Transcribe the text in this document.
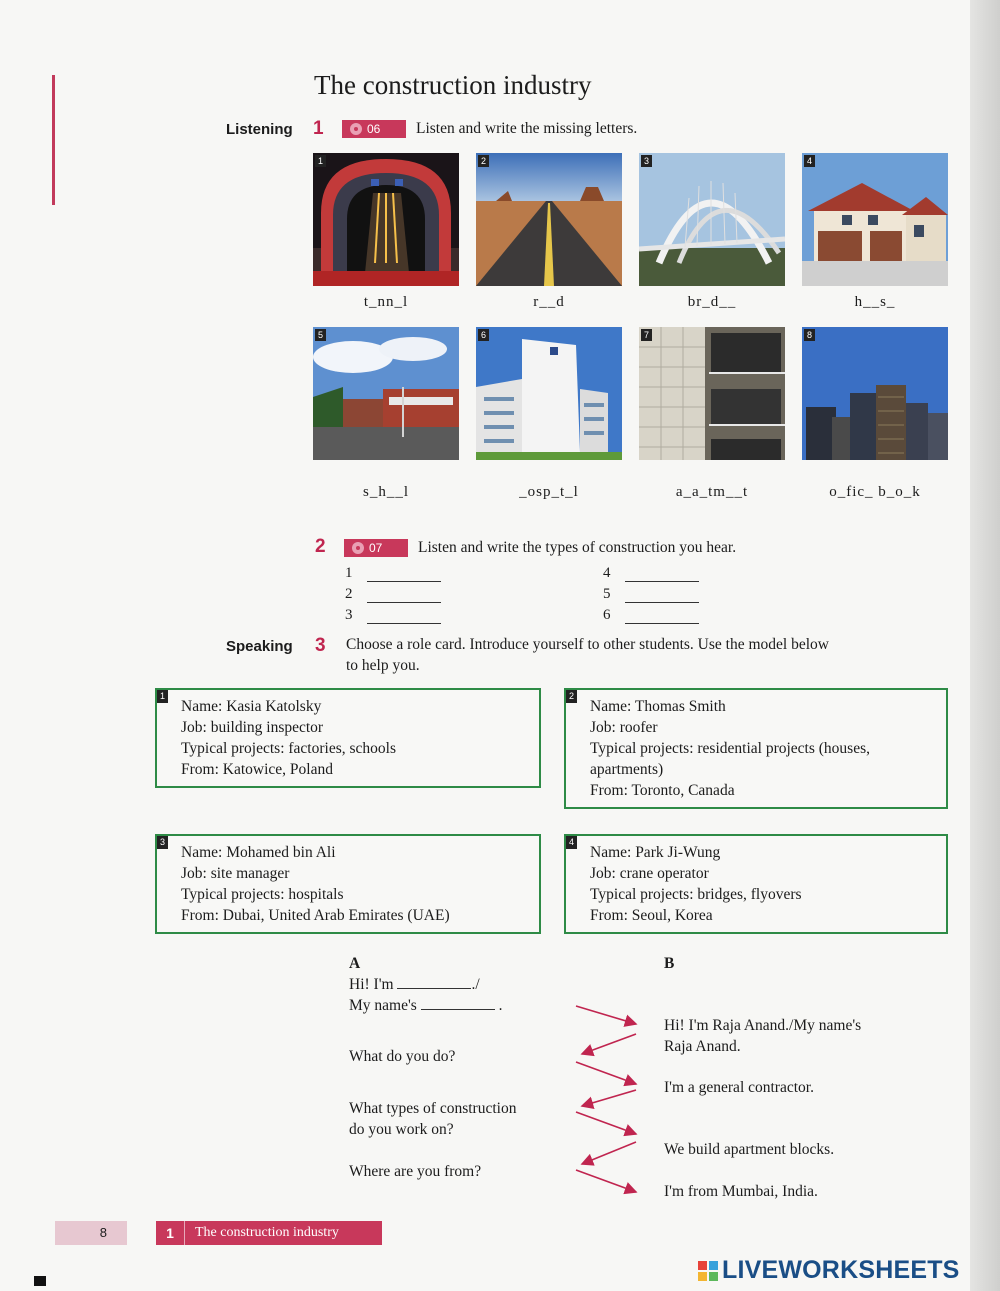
The construction industry
Listening 1	06 Listen and write the missing letters.
1	2	3	4
t_nn_l	r__d	br_d__	h__s_
5	6	7	8
s_h__l	_osp_t_l	a_a_tm__t	o_fic_ b_o_k
2	07 Listen and write the types of construction you hear.
1
2
3
4
5
6
Speaking 3 Choose a role card. Introduce yourself to other students. Use the model below
to help you.
1
Name: Kasia Katolsky
Job: building inspector
Typical projects: factories, schools
From: Katowice, Poland
2
Name: Thomas Smith
Job: roofer
Typical projects: residential projects (houses,
apartments)
From: Toronto, Canada
3
Name: Mohamed bin Ali
Job: site manager
Typical projects: hospitals
From: Dubai, United Arab Emirates (UAE)
4
Name: Park Ji-Wung
Job: crane operator
Typical projects: bridges, flyovers
From: Seoul, Korea
A	B
Hi! I'm	./
My name's	.
What do you do?
What types of construction
do you work on?
Where are you from?
Hi! I'm Raja Anand./My name's
Raja Anand.
I'm a general contractor.
We build apartment blocks.
I'm from Mumbai, India.
8	1	The construction industry
LIVEWORKSHEETS
